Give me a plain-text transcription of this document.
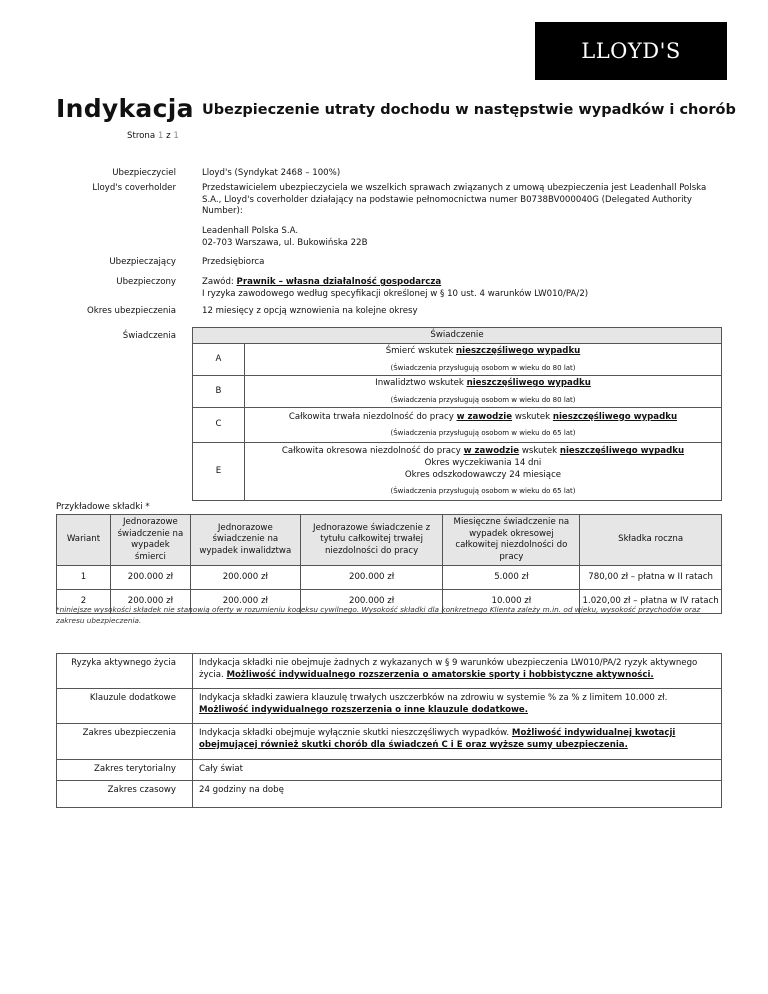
LLOYD'S
Indykacja Ubezpieczenie utraty dochodu w następstwie wypadków i chorób
Strona 1 z 1
Ubezpieczyciel	Lloyd's (Syndykat 2468 – 100%)
Lloyd's coverholder	Przedstawicielem ubezpieczyciela we wszelkich sprawach związanych z umową ubezpieczenia jest Leadenhall Polska S.A., Lloyd's coverholder działający na podstawie pełnomocnictwa numer B0738BV000040G (Delegated Authority Number):
Leadenhall Polska S.A.
02-703 Warszawa, ul. Bukowińska 22B
Ubezpieczający	Przedsiębiorca
Ubezpieczony	Zawód: Prawnik – własna działalność gospodarcza
I ryzyka zawodowego według specyfikacji określonej w § 10 ust. 4 warunków LW010/PA/2)
Okres ubezpieczenia	12 miesięcy z opcją wznowienia na kolejne okresy
Świadczenia	Świadczenie	
A	Śmierć wskutek nieszczęśliwego wypadku
(Świadczenia przysługują osobom w wieku do 80 lat)

B	Inwalidztwo wskutek nieszczęśliwego wypadku
(Świadczenia przysługują osobom w wieku do 80 lat)

C	Całkowita trwała niezdolność do pracy w zawodzie wskutek nieszczęśliwego wypadku
(Świadczenia przysługują osobom w wieku do 65 lat)

E	Całkowita okresowa niezdolność do pracy w zawodzie wskutek nieszczęśliwego wypadku
Okres wyczekiwania 14 dni
Okres odszkodowawczy 24 miesiące
(Świadczenia przysługują osobom w wieku do 65 lat)
Przykładowe składki *
Wariant	Jednorazowe świadczenie na wypadek śmierci	Jednorazowe świadczenie na wypadek inwalidztwa	Jednorazowe świadczenie z tytułu całkowitej trwałej niezdolności do pracy	Miesięczne świadczenie na wypadek okresowej całkowitej niezdolności do pracy	Składka roczna
1	200.000 zł	200.000 zł	200.000 zł	5.000 zł	780,00 zł – płatna w II ratach
2	200.000 zł	200.000 zł	200.000 zł	10.000 zł	1.020,00 zł – płatna w IV ratach
*niniejsze wysokości składek nie stanowią oferty w rozumieniu kodeksu cywilnego. Wysokość składki dla konkretnego Klienta zależy m.in. od wieku, wysokość przychodów oraz zakresu ubezpieczenia.
Ryzyka aktywnego życia	Indykacja składki nie obejmuje żadnych z wykazanych w § 9 warunków ubezpieczenia LW010/PA/2 ryzyk aktywnego życia. Możliwość indywidualnego rozszerzenia o amatorskie sporty i hobbistyczne aktywności.
Klauzule dodatkowe	Indykacja składki zawiera klauzulę trwałych uszczerbków na zdrowiu w systemie % za % z limitem 10.000 zł. Możliwość indywidualnego rozszerzenia o inne klauzule dodatkowe.
Zakres ubezpieczenia	Indykacja składki obejmuje wyłącznie skutki nieszczęśliwych wypadków. Możliwość indywidualnej kwotacji obejmującej również skutki chorób dla świadczeń C i E oraz wyższe sumy ubezpieczenia.
Zakres terytorialny	Cały świat
Zakres czasowy	24 godziny na dobę
